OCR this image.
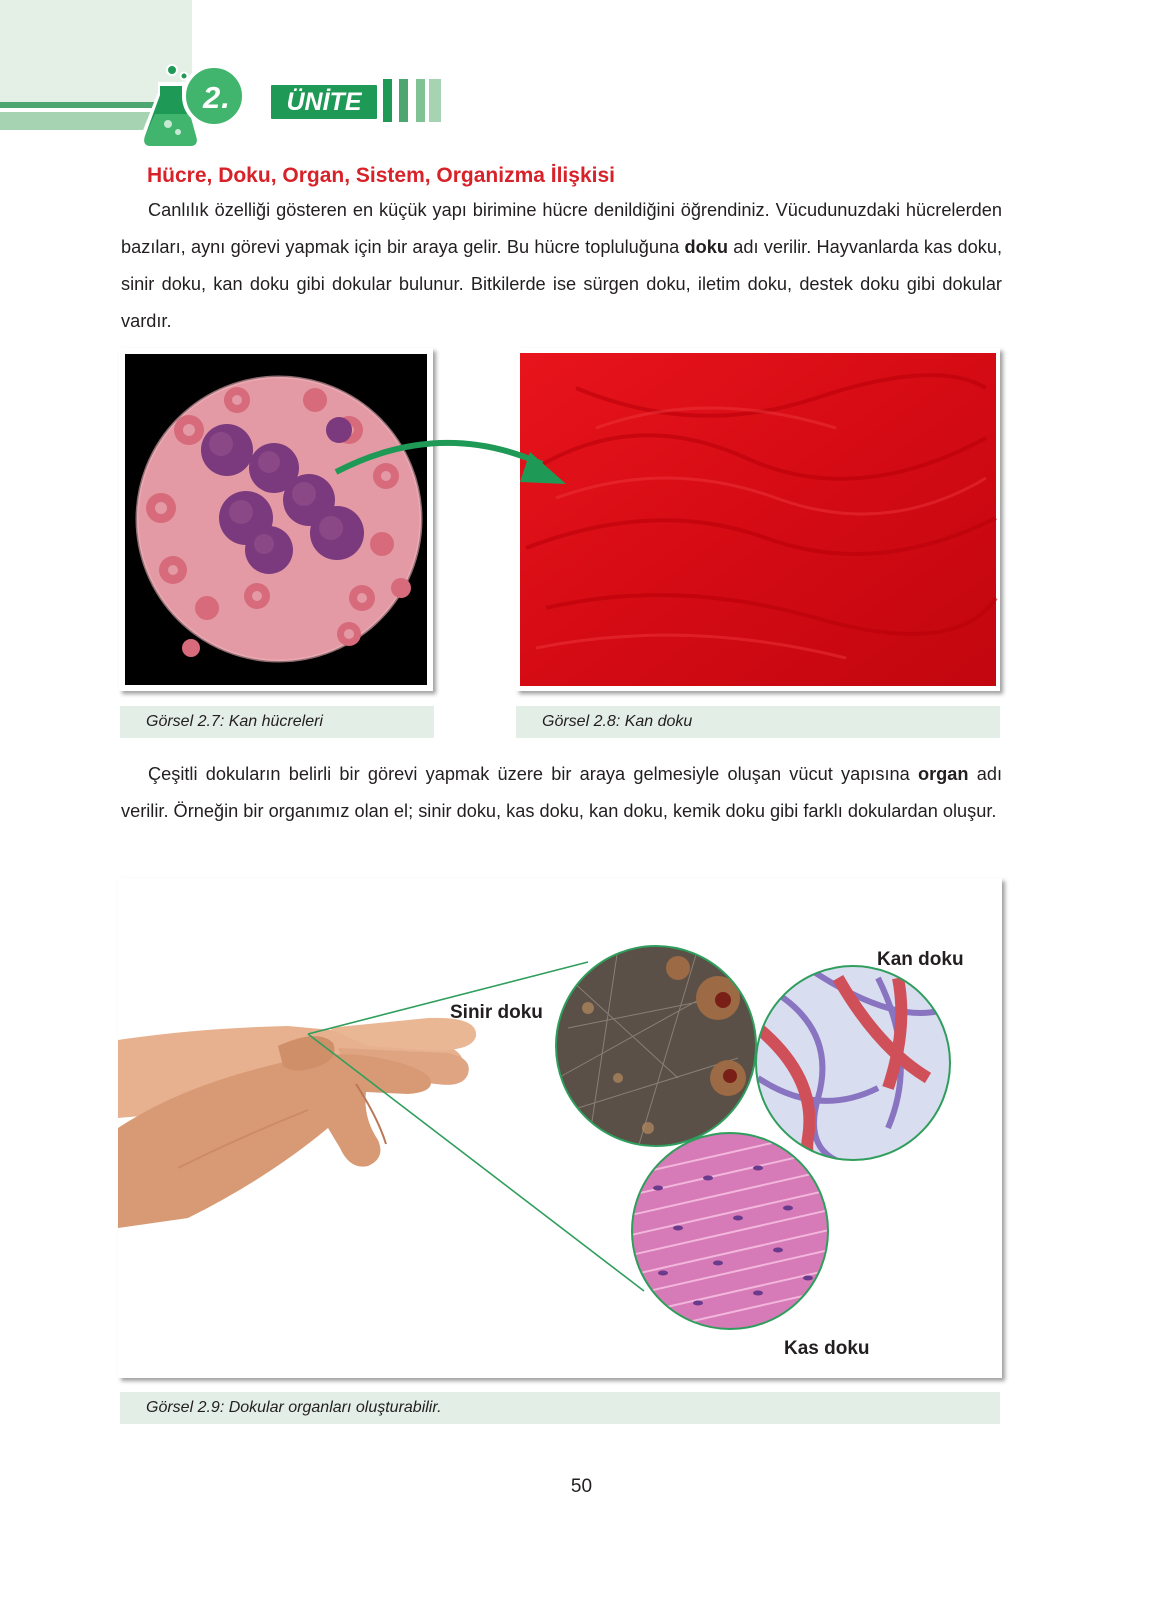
2.	ÜNİTE
Hücre, Doku, Organ, Sistem, Organizma İlişkisi
Canlılık özelliği gösteren en küçük yapı birimine hücre denildiğini öğrendiniz. Vücudunuzdaki hücrelerden bazıları, aynı görevi yapmak için bir araya gelir. Bu hücre topluluğuna doku adı verilir. Hayvanlarda kas doku, sinir doku, kan doku gibi dokular bulunur. Bitkilerde ise sürgen doku, iletim doku, destek doku gibi dokular vardır.
Görsel 2.7: Kan hücreleri	Görsel 2.8: Kan doku
Çeşitli dokuların belirli bir görevi yapmak üzere bir araya gelmesiyle oluşan vücut yapısına organ adı verilir. Örneğin bir organımız olan el; sinir doku, kas doku, kan doku, kemik doku gibi farklı dokulardan oluşur.
Sinir doku
Kan doku
Kas doku
Görsel 2.9: Dokular organları oluşturabilir.
50
